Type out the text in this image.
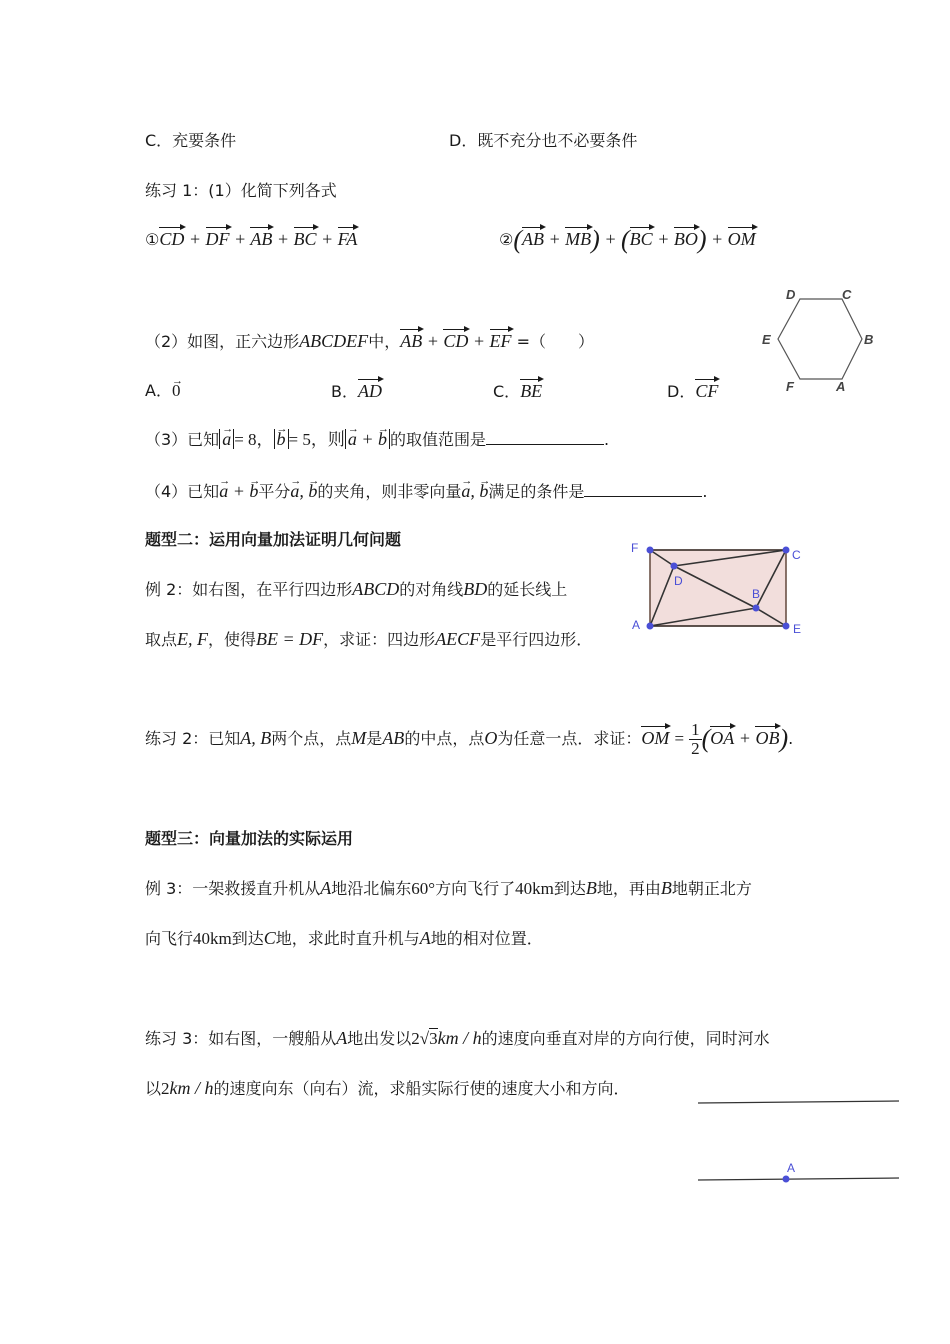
C．充要条件	D．既不充分也不必要条件
练习 1：(1）化简下列各式
①CD + DF + AB + BC + FA	②(AB + MB) + (BC + BO) + OM
D	C
E	B
F	A
（2）如图，正六边形ABCDEF中，AB + CD + EF =（　　）
A．→ 0	B．AD	C．BE	D．CF
（3）已知 → a = 8， → b = 5，则 → a + → b 的取值范围是	.
（4）已知→ a + → b平分→ a, → b的夹角，则非零向量→ a, → b满足的条件是	.
题型二：运用向量加法证明几何问题	F	C
A	E
D
B
例 2：如右图，在平行四边形ABCD的对角线BD的延长线上
取点E, F，使得BE = DF，求证：四边形AECF是平行四边形．
练习 2：已知A, B两个点，点M是AB的中点，点O为任意一点．求证：OM = $\frac{1}{2} (OA + OB)$.
题型三：向量加法的实际运用
例 3：一架救援直升机从A地沿北偏东60°方向飞行了40km到达B地，再由B地朝正北方
向飞行40km到达C地，求此时直升机与A地的相对位置．
练习 3：如右图，一艘船从A地出发以2√3km / h的速度向垂直对岸的方向行使，同时河水
以2km / h的速度向东（向右）流，求船实际行使的速度大小和方向．
A
